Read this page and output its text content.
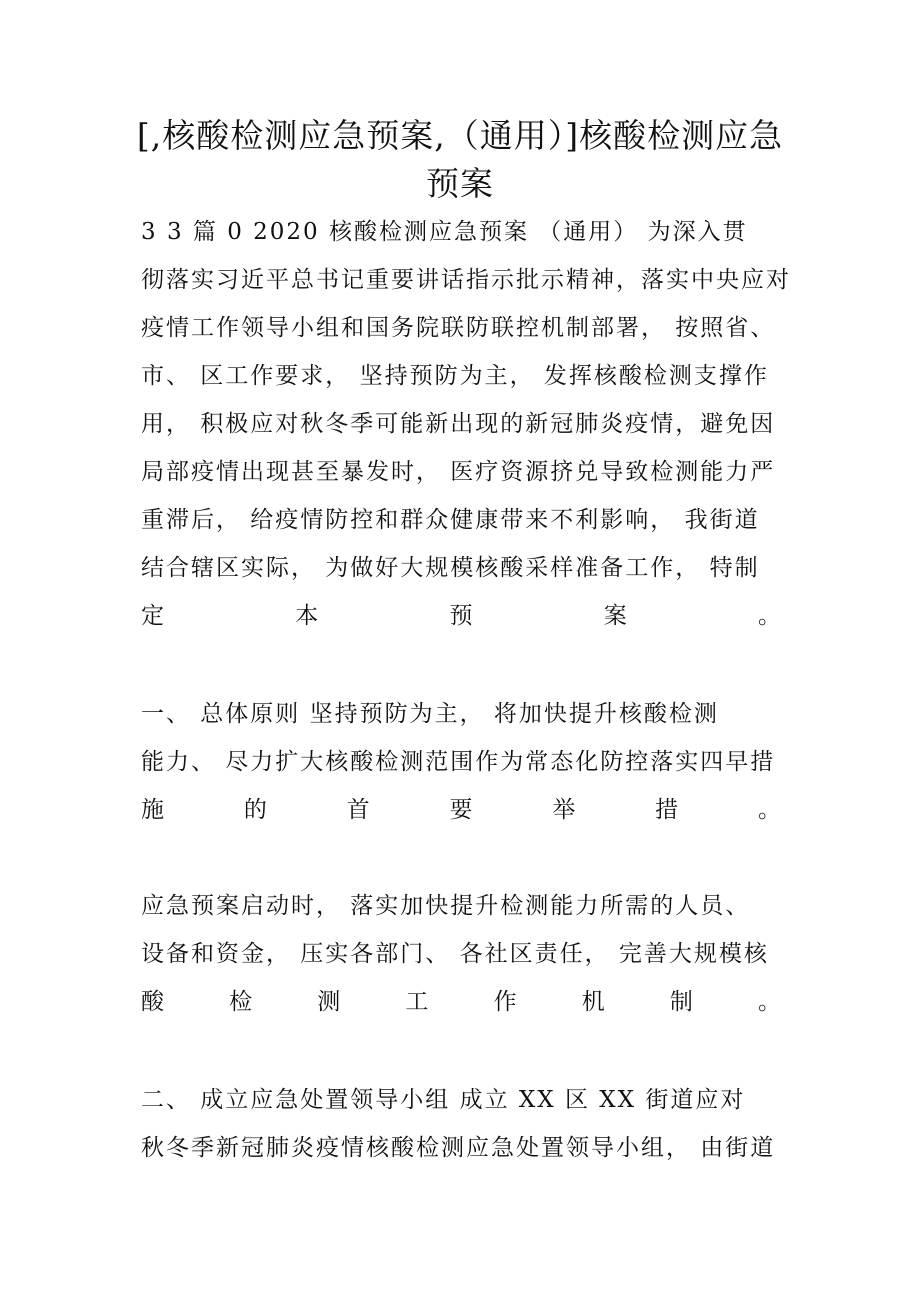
[,核酸检测应急预案,（通用）]核酸检测应急
预案
3 3 篇 0 2020 核酸检测应急预案 （通用） 为深入贯
彻落实习近平总书记重要讲话指示批示精神，落实中央应对
疫情工作领导小组和国务院联防联控机制部署， 按照省、
市、 区工作要求， 坚持预防为主， 发挥核酸检测支撑作
用， 积极应对秋冬季可能新出现的新冠肺炎疫情，避免因
局部疫情出现甚至暴发时， 医疗资源挤兑导致检测能力严
重滞后， 给疫情防控和群众健康带来不利影响， 我街道
结合辖区实际， 为做好大规模核酸采样准备工作， 特制
定	本	预	案	。
一、 总体原则 坚持预防为主， 将加快提升核酸检测
能力、 尽力扩大核酸检测范围作为常态化防控落实四早措
施	的	首	要	举	措	。
应急预案启动时， 落实加快提升检测能力所需的人员、
设备和资金， 压实各部门、 各社区责任， 完善大规模核
酸	检	测	工	作	机	制	。
二、 成立应急处置领导小组 成立 XX 区 XX 街道应对
秋冬季新冠肺炎疫情核酸检测应急处置领导小组， 由街道
